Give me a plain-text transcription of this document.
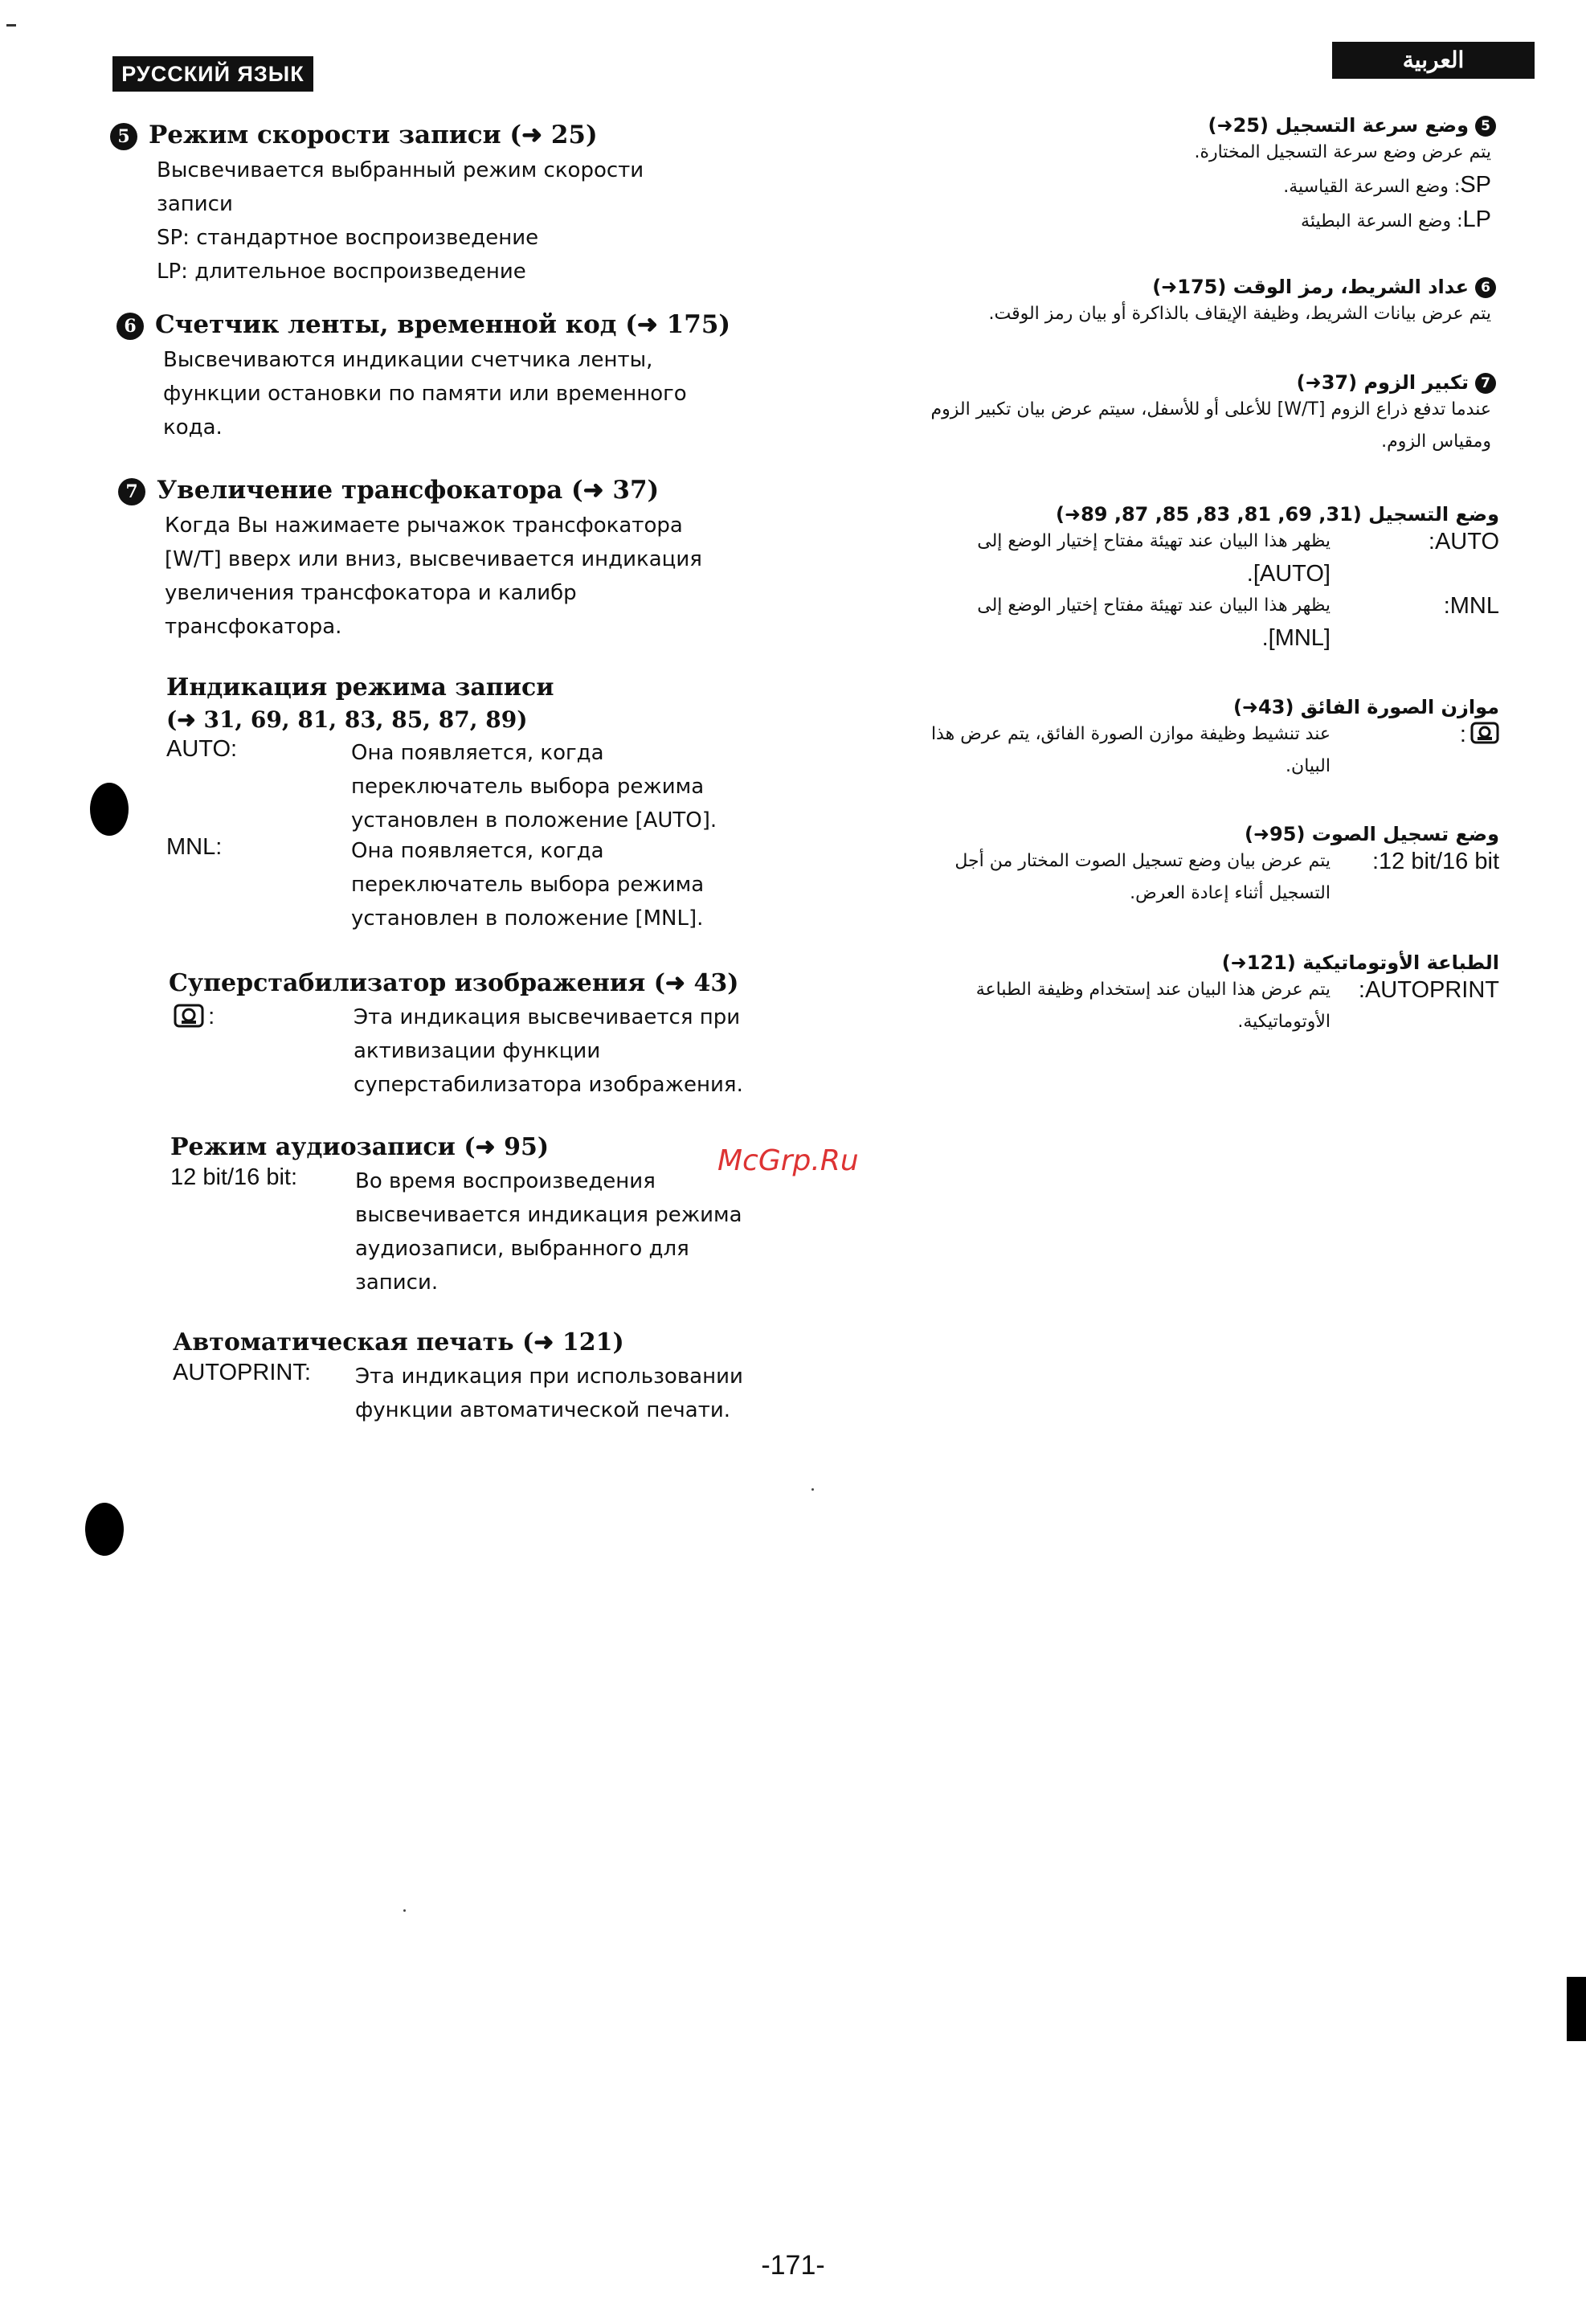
РУССКИЙ ЯЗЫК
العربية
5 Режим скорости записи (➜ 25)
Высвечивается выбранный режим скорости
записи
SP: стандартное воспроизведение
LP: длительное воспроизведение
6 Счетчик ленты, временной код (➜ 175)
Высвечиваются индикации счетчика ленты,
функции остановки по памяти или временного
кода.
7 Увеличение трансфокатора (➜ 37)
Когда Вы нажимаете рычажок трансфокатора
[W/T] вверх или вниз, высвечивается индикация
увеличения трансфокатора и калибр
трансфокатора.
Индикация режима записи
(➜ 31, 69, 81, 83, 85, 87, 89)
AUTO:	Она появляется, когда
переключатель выбора режима
установлен в положение [AUTO].
MNL:	Она появляется, когда
переключатель выбора режима
установлен в положение [MNL].
Суперстабилизатор изображения (➜ 43)
:	Эта индикация высвечивается при
активизации функции
суперстабилизатора изображения.
Режим аудиозаписи (➜ 95)
12 bit/16 bit:	Во время воспроизведения
высвечивается индикация режима
аудиозаписи, выбранного для
записи.
Автоматическая печать (➜ 121)
AUTOPRINT: Эта индикация при использовании
функции автоматической печати.
5وضع سرعة التسجيل (25➜)
يتم عرض وضع سرعة التسجيل المختارة.
SP: وضع السرعة القياسية.
LP: وضع السرعة البطيئة
6عداد الشريط، رمز الوقت (175➜)
يتم عرض بيانات الشريط، وظيفة الإيقاف بالذاكرة أو بيان رمز الوقت.
7تكبير الزوم (37➜)
عندما تدفع ذراع الزوم [W/T] للأعلى أو للأسفل، سيتم عرض بيان تكبير الزوم
ومقياس الزوم.
وضع التسجيل (31, 69, 81, 83, 85, 87, 89➜)
:AUTO
يظهر هذا البيان عند تهيئة مفتاح إختيار الوضع إلى
.[AUTO]
:MNL
يظهر هذا البيان عند تهيئة مفتاح إختيار الوضع إلى
.[MNL]
موازن الصورة الفائق (43➜)
:
عند تنشيط وظيفة موازن الصورة الفائق، يتم عرض هذا
البيان.
وضع تسجيل الصوت (95➜)
:12 bit/16 bit
يتم عرض بيان وضع تسجيل الصوت المختار من أجل
التسجيل أثناء إعادة العرض.
الطباعة الأوتوماتيكية (121➜)
:AUTOPRINT
يتم عرض هذا البيان عند إستخدام وظيفة الطباعة
الأوتوماتيكية.
McGrp.Ru
-171-
